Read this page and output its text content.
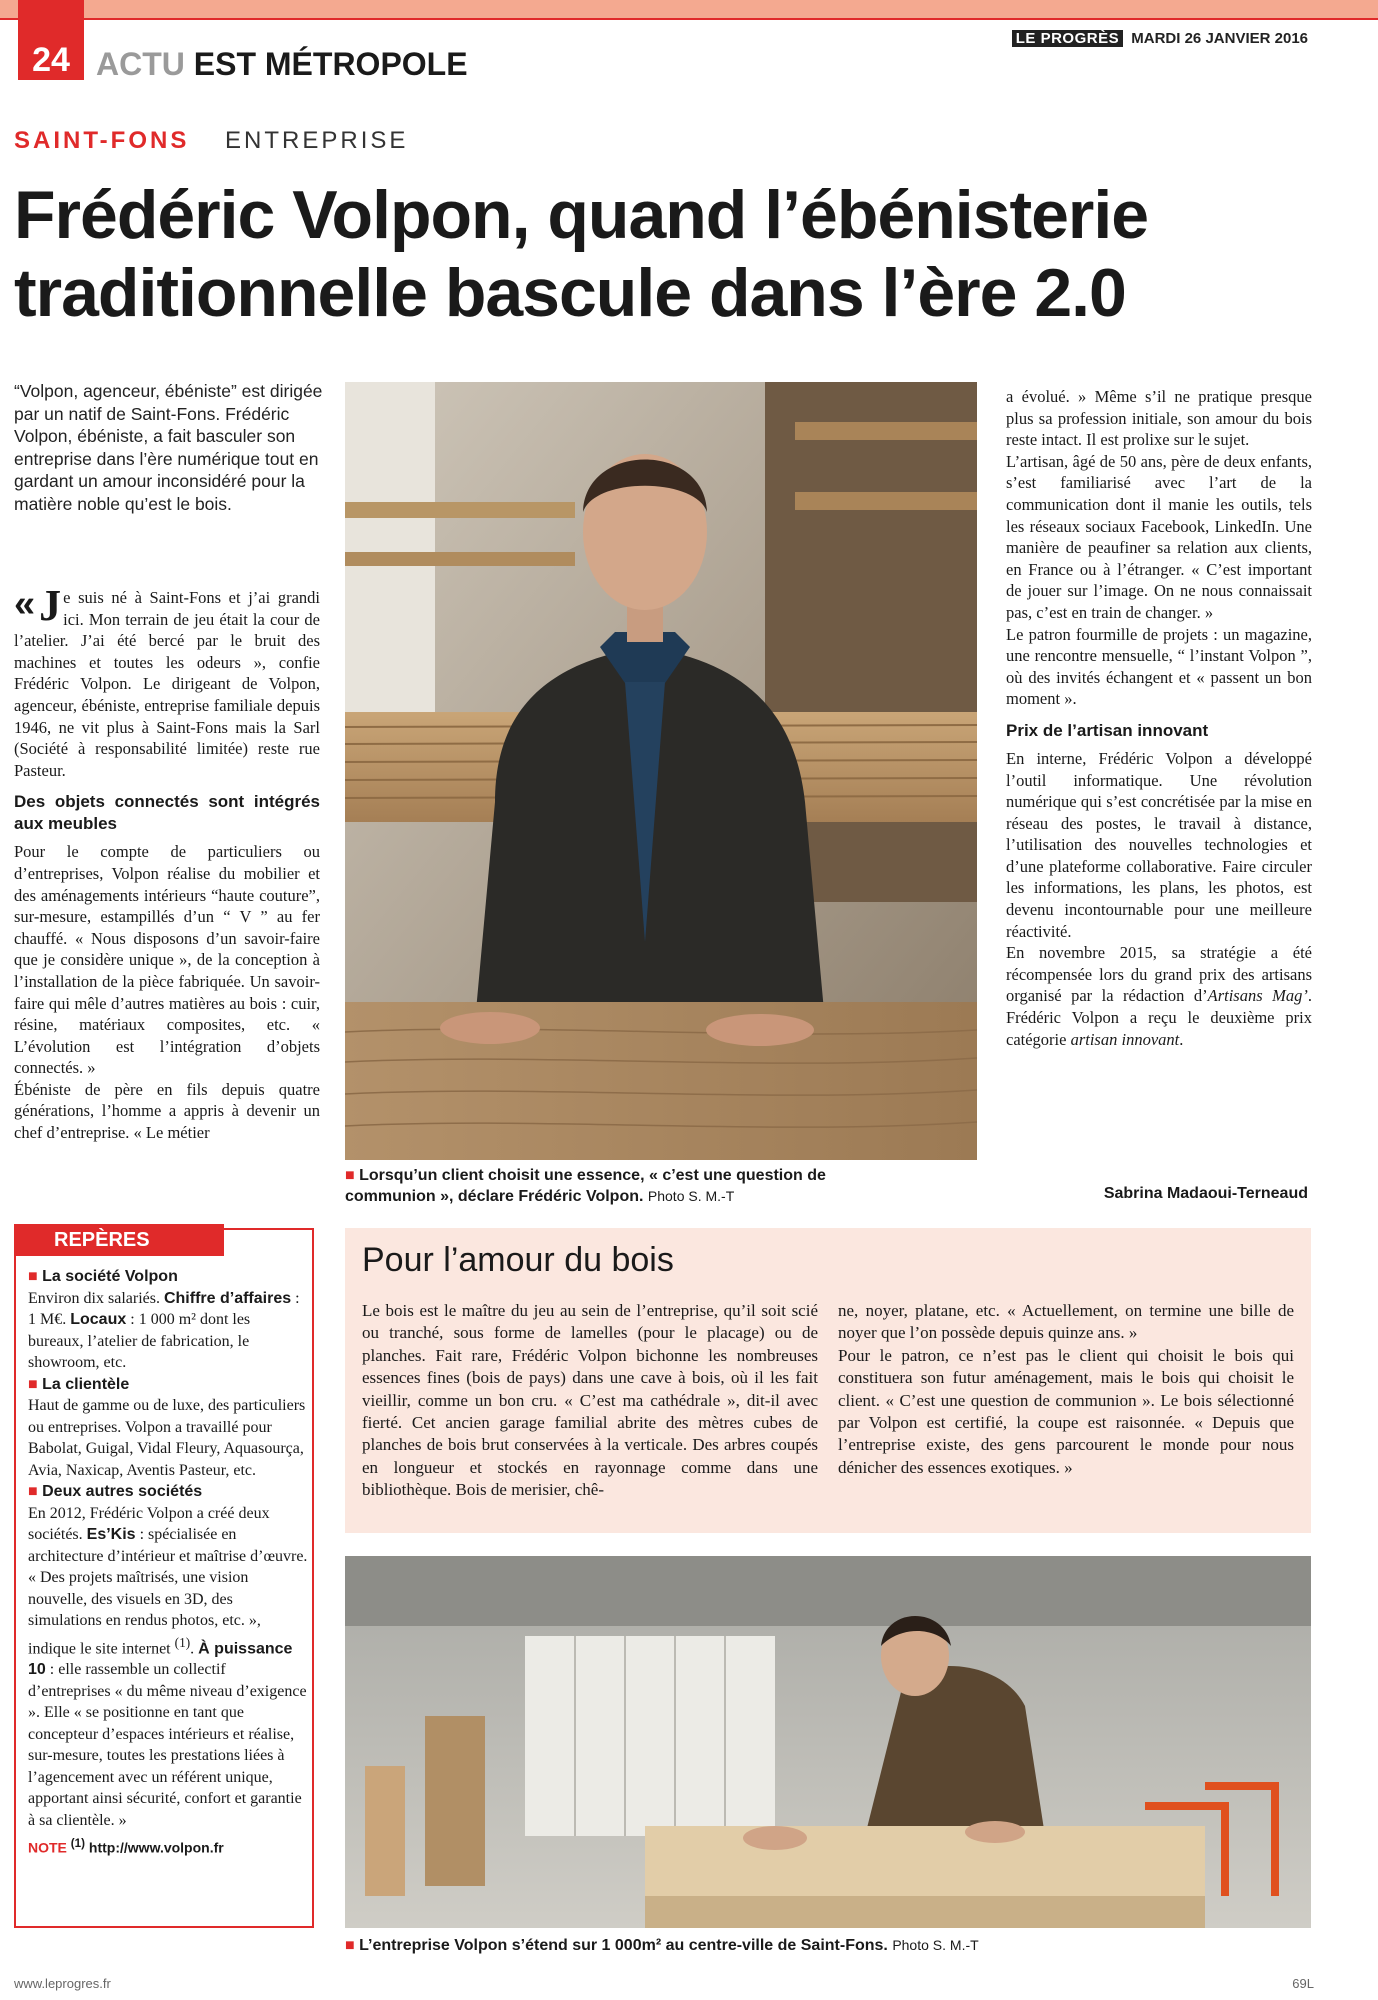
24 ACTU EST MÉTROPOLE
LE PROGRÈS MARDI 26 JANVIER 2016
SAINT-FONS ENTREPRISE
Frédéric Volpon, quand l’ébénisterie traditionnelle bascule dans l’ère 2.0

“Volpon, agenceur, ébéniste” est dirigée par un natif de Saint-Fons. Frédéric Volpon, ébéniste, a fait basculer son entreprise dans l’ère numérique tout en gardant un amour inconsidéré pour la matière noble qu’est le bois.

« J e suis né à Saint-Fons et j’ai grandi ici. Mon terrain de jeu était la cour de l’atelier. J’ai été bercé par le bruit des machines et toutes les odeurs », confie Frédéric Volpon. Le dirigeant de Volpon, agenceur, ébéniste, entreprise familiale depuis 1946, ne vit plus à Saint-Fons mais la Sarl (Société à responsabilité limitée) reste rue Pasteur.

Des objets connectés sont intégrés aux meubles

Pour le compte de particuliers ou d’entreprises, Volpon réalise du mobilier et des aménagements intérieurs “haute couture”, sur-mesure, estampillés d’un “ V ” au fer chauffé. « Nous disposons d’un savoir-faire que je considère unique », de la conception à l’installation de la pièce fabriquée. Un savoir-faire qui mêle d’autres matières au bois : cuir, résine, matériaux composites, etc. « L’évolution est l’intégration d’objets connectés. »

Ébéniste de père en fils depuis quatre générations, l’homme a appris à devenir un chef d’entreprise. « Le métier

■ Lorsqu’un client choisit une essence, « c’est une question de communion », déclare Frédéric Volpon. Photo S. M.-T

a évolué. » Même s’il ne pratique presque plus sa profession initiale, son amour du bois reste intact. Il est prolixe sur le sujet.

L’artisan, âgé de 50 ans, père de deux enfants, s’est familiarisé avec l’art de la communication dont il manie les outils, tels les réseaux sociaux Facebook, LinkedIn. Une manière de peaufiner sa relation aux clients, en France ou à l’étranger. « C’est important de jouer sur l’image. On ne nous connaissait pas, c’est en train de changer. »

Le patron fourmille de projets : un magazine, une rencontre mensuelle, “ l’instant Volpon ”, où des invités échangent et « passent un bon moment ».

Prix de l’artisan innovant

En interne, Frédéric Volpon a développé l’outil informatique. Une révolution numérique qui s’est concrétisée par la mise en réseau des postes, le travail à distance, l’utilisation des nouvelles technologies et d’une plateforme collaborative. Faire circuler les informations, les plans, les photos, est devenu incontournable pour une meilleure réactivité.

En novembre 2015, sa stratégie a été récompensée lors du grand prix des artisans organisé par la rédaction d’Artisans Mag’. Frédéric Volpon a reçu le deuxième prix catégorie artisan innovant.

Sabrina Madaoui-Terneaud
REPÈRES

■ La société Volpon

Environ dix salariés. Chiffre d’affaires : 1 M€. Locaux : 1 000 m² dont les bureaux, l’atelier de fabrication, le showroom, etc.

■ La clientèle

Haut de gamme ou de luxe, des particuliers ou entreprises. Volpon a travaillé pour Babolat, Guigal, Vidal Fleury, Aquasourça, Avia, Naxicap, Aventis Pasteur, etc.

■ Deux autres sociétés

En 2012, Frédéric Volpon a créé deux sociétés. Es’Kis : spécialisée en architecture d’intérieur et maîtrise d’œuvre. « Des projets maîtrisés, une vision nouvelle, des visuels en 3D, des simulations en rendus photos, etc. », indique le site internet $^{(1)}$. À puissance 10 : elle rassemble un collectif d’entreprises « du même niveau d’exigence ». Elle « se positionne en tant que concepteur d’espaces intérieurs et réalise, sur-mesure, toutes les prestations liées à l’agencement avec un référent unique, apportant ainsi sécurité, confort et garantie à sa clientèle. »

NOTE $^{(1)}$ http://www.volpon.fr

Le bois est le maître du jeu au sein de l’entreprise, qu’il soit scié ou tranché, sous forme de lamelles (pour le placage) ou de planches. Fait rare, Frédéric Volpon bichonne les nombreuses essences fines (bois de pays) dans une cave à bois, où il les fait vieillir, comme un bon cru. « C’est ma cathédrale », dit-il avec fierté. Cet ancien garage familial abrite des mètres cubes de planches de bois brut conservées à la verticale. Des arbres coupés en longueur et stockés en rayonnage comme dans une bibliothèque. Bois de merisier, chê-

ne, noyer, platane, etc. « Actuellement, on termine une bille de noyer que l’on possède depuis quinze ans. »

Pour le patron, ce n’est pas le client qui choisit le bois qui constituera son futur aménagement, mais le bois qui choisit le client. « C’est une question de communion ». Le bois sélectionné par Volpon est certifié, la coupe est raisonnée. « Depuis que l’entreprise existe, des gens parcourent le monde pour nous dénicher des essences exotiques. »

Pour l’amour du bois

■ L’entreprise Volpon s’étend sur 1 000m² au centre-ville de Saint-Fons. Photo S. M.-T

www.leprogres.fr	69L
